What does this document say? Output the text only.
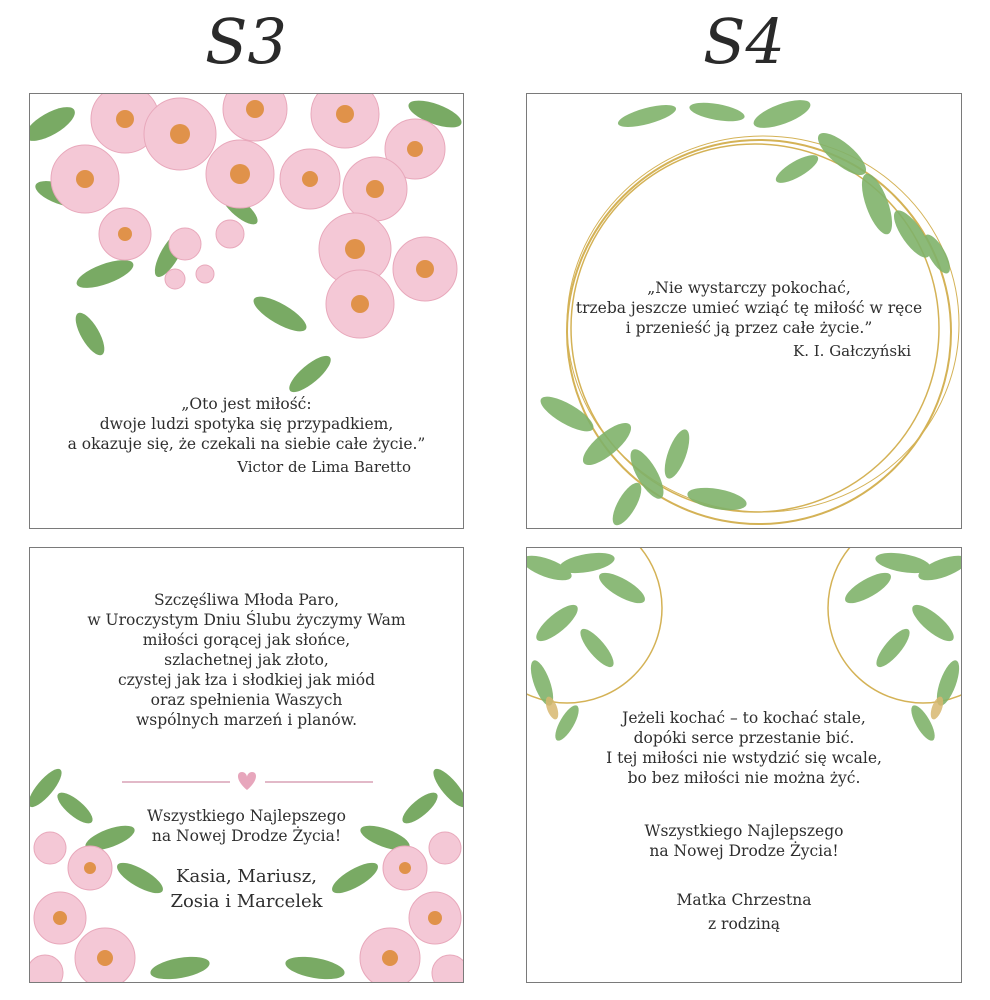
S3	S4
„Oto jest miłość:
dwoje ludzi spotyka się przypadkiem,
a okazuje się, że czekali na siebie całe życie.”
Victor de Lima Baretto
„Nie wystarczy pokochać,
trzeba jeszcze umieć wziąć tę miłość w ręce
i przenieść ją przez całe życie.”
K. I. Gałczyński
Szczęśliwa Młoda Paro,
w Uroczystym Dniu Ślubu życzymy Wam
miłości gorącej jak słońce,
szlachetnej jak złoto,
czystej jak łza i słodkiej jak miód
oraz spełnienia Waszych
wspólnych marzeń i planów.
Wszystkiego Najlepszego
na Nowej Drodze Życia!
Kasia, Mariusz,
Zosia i Marcelek
Jeżeli kochać – to kochać stale,
dopóki serce przestanie bić.
I tej miłości nie wstydzić się wcale,
bo bez miłości nie można żyć.
Wszystkiego Najlepszego
na Nowej Drodze Życia!
Matka Chrzestna
z rodziną
